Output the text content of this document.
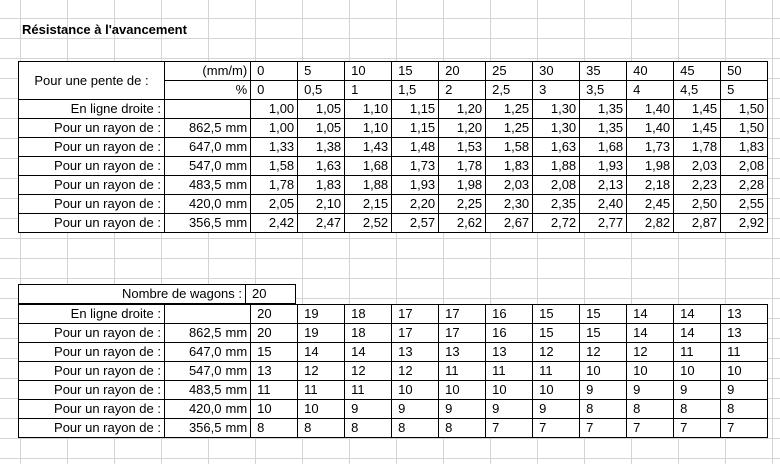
Résistance à l'avancement
Pour une pente de :	(mm/m)		0	5	10	15	20	25	30	35	40	45	50
	%		0	0,5	1	1,5	2	2,5	3	3,5	4	4,5	5
En ligne droite :			1,00	1,05	1,10	1,15	1,20	1,25	1,30	1,35	1,40	1,45	1,50
Pour un rayon de :	862,5	mm	1,00	1,05	1,10	1,15	1,20	1,25	1,30	1,35	1,40	1,45	1,50
Pour un rayon de :	647,0	mm	1,33	1,38	1,43	1,48	1,53	1,58	1,63	1,68	1,73	1,78	1,83
Pour un rayon de :	547,0	mm	1,58	1,63	1,68	1,73	1,78	1,83	1,88	1,93	1,98	2,03	2,08
Pour un rayon de :	483,5	mm	1,78	1,83	1,88	1,93	1,98	2,03	2,08	2,13	2,18	2,23	2,28
Pour un rayon de :	420,0	mm	2,05	2,10	2,15	2,20	2,25	2,30	2,35	2,40	2,45	2,50	2,55
Pour un rayon de :	356,5	mm	2,42	2,47	2,52	2,57	2,62	2,67	2,72	2,77	2,82	2,87	2,92
Nombre de wagons :	20
En ligne droite :			20	19	18	17	17	16	15	15	14	14	13
Pour un rayon de :	862,5	mm	20	19	18	17	17	16	15	15	14	14	13
Pour un rayon de :	647,0	mm	15	14	14	13	13	13	12	12	12	11	11
Pour un rayon de :	547,0	mm	13	12	12	12	11	11	11	10	10	10	10
Pour un rayon de :	483,5	mm	11	11	11	10	10	10	10	9	9	9	9
Pour un rayon de :	420,0	mm	10	10	9	9	9	9	9	8	8	8	8
Pour un rayon de :	356,5	mm	8	8	8	8	8	7	7	7	7	7	7
